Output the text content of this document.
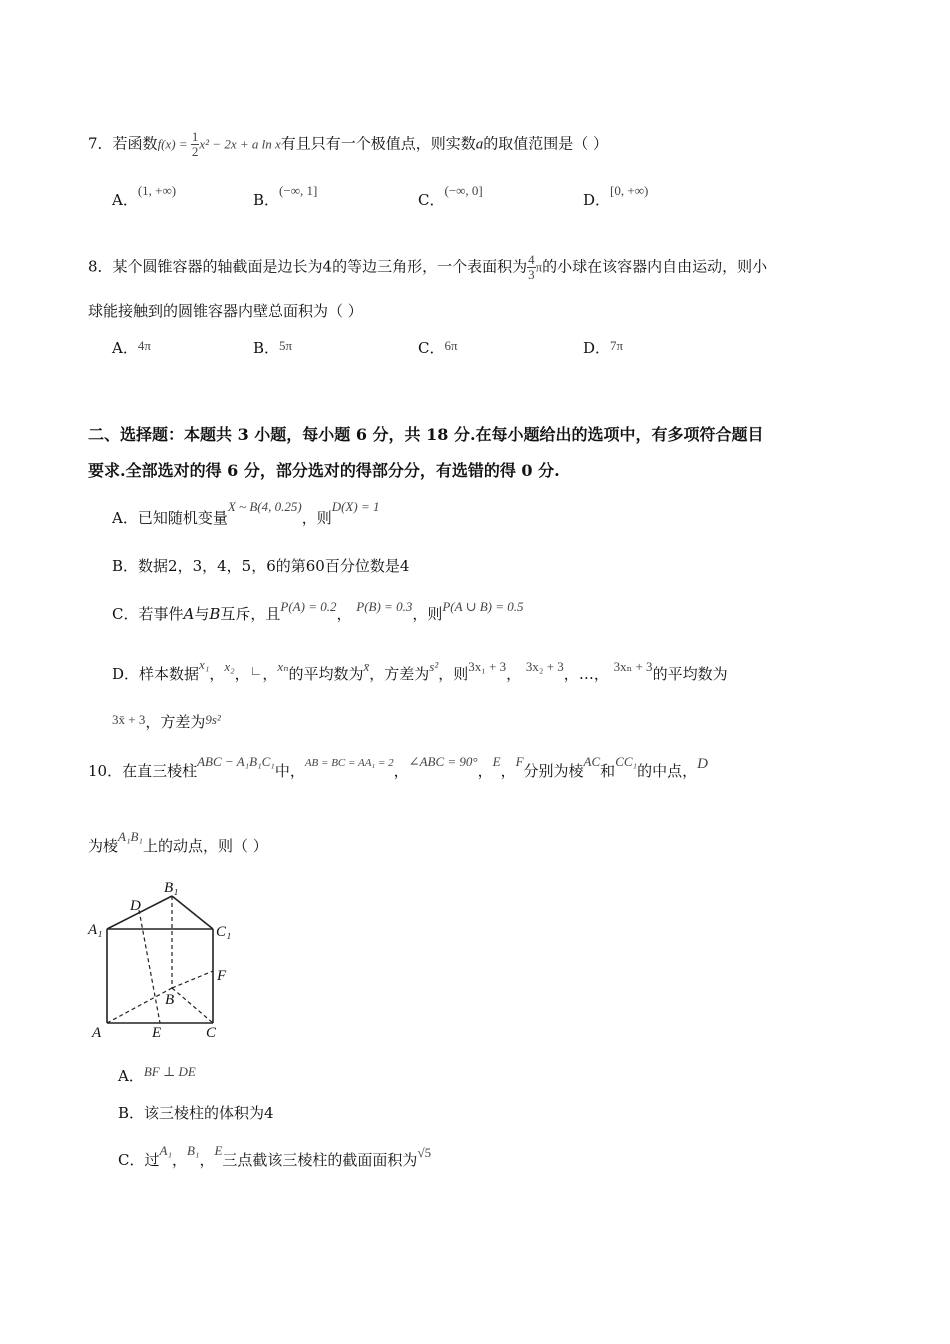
7．若函数$f(x) = \frac{1}{2} x^2 - 2x + a$ ln x有且只有一个极值点，则实数a的取值范围是（ ）
A．(1, +∞)
B．(−∞, 1]
C．(−∞, 0]
D．[0, +∞)
8．某个圆锥容器的轴截面是边长为4的等边三角形，一个表面积为 $\frac{4}{3}$ π的小球在该容器内自由运动，则小
球能接触到的圆锥容器内壁总面积为（ ）
A．4π	B．5π	C．6π	D．7π
二、选择题：本题共 3 小题，每小题 6 分，共 18 分.在每小题给出的选项中，有多项符合题目
要求.全部选对的得 6 分，部分选对的得部分分，有选错的得 0 分.
A．已知随机变量X ~ B(4, 0.25)，则D(X) = 1
B．数据2，3，4，5，6的第60百分位数是4
C．若事件A与B互斥，且P(A) = 0.2， P(B) = 0.3，则P(A ∪ B) = 0.5
D．样本数据x₁，x₂，∟，xₙ的平均数为x̄，方差为s²，则3x₁ + 3， 3x₂ + 3，…， 3xₙ + 3的平均数为
3x̄ + 3，方差为9s²
10．在直三棱柱ABC − A₁B₁C₁中，$^{AB = BC = AA_1 = 2}$，∠ABC = 90°，E，F分别为棱AC和CC₁的中点，D
为棱A₁B₁上的动点，则（ ）
B₁
A₁	C₁
D
F
B
A	E	C
A．BF ⊥ DE
B．该三棱柱的体积为4
C．过A₁，B₁，E三点截该三棱柱的截面面积为√5
